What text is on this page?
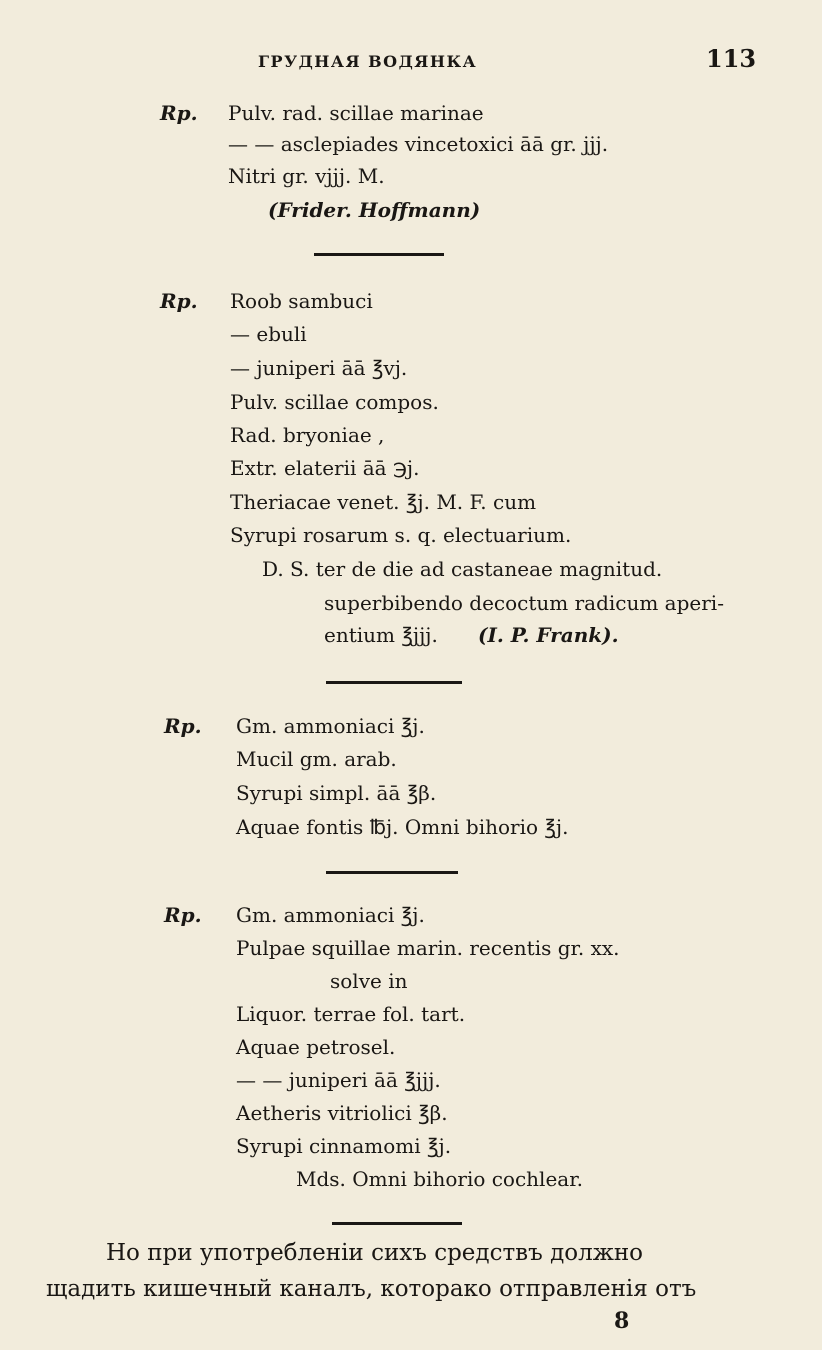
ГРУДНАЯ ВОДЯНКА	113
Rp. Pulv. rad. scillae marinae
— — asclepiades vincetoxici āā gr. jjj.
Nitri gr. vjjj. M.
(Frider. Hoffmann)
Rp. Roob sambuci
— ebuli
— juniperi āā ℥vj.
Pulv. scillae compos.
Rad. bryoniae ,
Extr. elaterii āā ℈j.
Theriacae venet. ℥j. M. F. cum
Syrupi rosarum s. q. electuarium.
D. S. ter de die ad castaneae magnitud.
superbibendo decoctum radicum aperi-
entium ℥jjj. (I. P. Frank).
Rp. Gm. ammoniaci ℥j.
Mucil gm. arab.
Syrupi simpl. āā ℥β.
Aquae fontis ℔j. Omni bihorio ℥j.
Rp. Gm. ammoniaci ℥j.
Pulpae squillae marin. recentis gr. xx.
solve in
Liquor. terrae fol. tart.
Aquae petrosel.
— — juniperi āā ℥jjj.
Aetheris vitriolici ℥β.
Syrupi cinnamomi ℥j.
Mds. Omni bihorio cochlear.
Но при употребленіи сихъ средствъ должно
щадить кишечный каналъ, которако отправленія отъ
8
